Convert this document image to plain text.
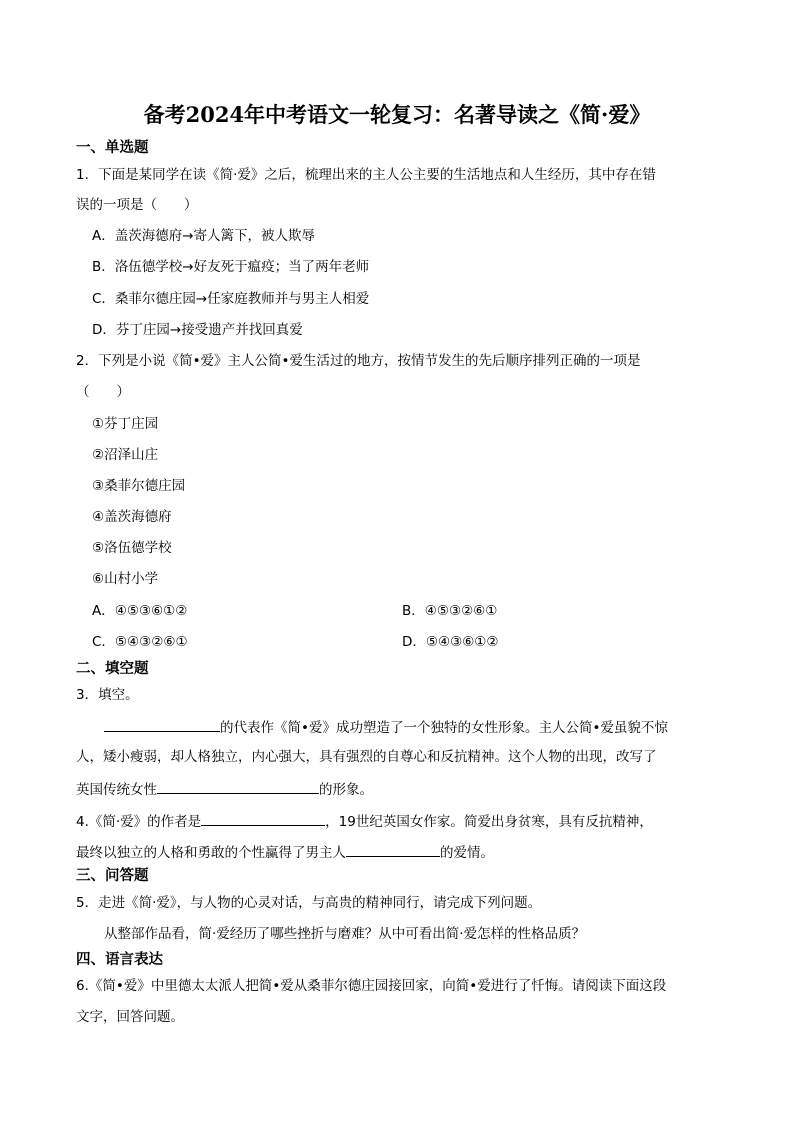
备考2024年中考语文一轮复习：名著导读之《简·爱》
一、单选题
1．下面是某同学在读《简·爱》之后，梳理出来的主人公主要的生活地点和人生经历，其中存在错
误的一项是（　　）
A．盖茨海德府→寄人篱下，被人欺辱
B．洛伍德学校→好友死于瘟疫；当了两年老师
C．桑菲尔德庄园→任家庭教师并与男主人相爱
D．芬丁庄园→接受遗产并找回真爱
2．下列是小说《简•爱》主人公简•爱生活过的地方，按情节发生的先后顺序排列正确的一项是
（　　）
①芬丁庄园
②沼泽山庄
③桑菲尔德庄园
④盖茨海德府
⑤洛伍德学校
⑥山村小学
A．④⑤③⑥①②	B．④⑤③②⑥①
C．⑤④③②⑥①	D．⑤④③⑥①②
二、填空题
3．填空。
的代表作《简•爱》成功塑造了一个独特的女性形象。主人公简•爱虽貌不惊
人，矮小瘦弱，却人格独立，内心强大，具有强烈的自尊心和反抗精神。这个人物的出现，改写了
英国传统女性	的形象。
4.《简·爱》的作者是	，19世纪英国女作家。简爱出身贫寒，具有反抗精神，
最终以独立的人格和勇敢的个性赢得了男主人	的爱情。
三、问答题
5．走进《简·爱》，与人物的心灵对话，与高贵的精神同行，请完成下列问题。
从整部作品看，简·爱经历了哪些挫折与磨难？从中可看出简·爱怎样的性格品质？
四、语言表达
6.《简•爱》中里德太太派人把简•爱从桑菲尔德庄园接回家，向简•爱进行了忏悔。请阅读下面这段
文字，回答问题。
